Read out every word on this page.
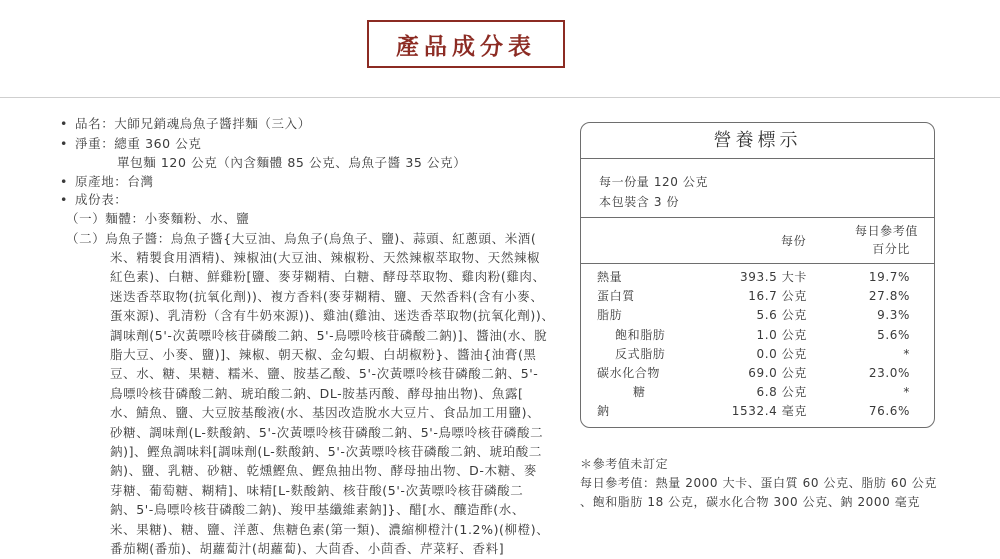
產品成分表
• 品名：大師兄銷魂烏魚子醬拌麵（三入）
• 淨重：總重 360 公克
單包麵 120 公克（內含麵體 85 公克、烏魚子醬 35 公克）
• 原產地：台灣
• 成份表：
（一）麵體：小麥麵粉、水、鹽
（二）烏魚子醬：烏魚子醬{大豆油、烏魚子(烏魚子、鹽)、蒜頭、紅蔥頭、米酒(
米、精製食用酒精)、辣椒油(大豆油、辣椒粉、天然辣椒萃取物、天然辣椒
紅色素)、白糖、鮮雞粉[鹽、麥芽糊精、白糖、酵母萃取物、雞肉粉(雞肉、
迷迭香萃取物(抗氧化劑))、複方香料(麥芽糊精、鹽、天然香料(含有小麥、
蛋來源)、乳清粉（含有牛奶來源))、雞油(雞油、迷迭香萃取物(抗氧化劑))、
調味劑(5'-次黃嘌呤核苷磷酸二鈉、5'-鳥嘌呤核苷磷酸二鈉)]、醬油(水、脫
脂大豆、小麥、鹽)]、辣椒、朝天椒、金勾蝦、白胡椒粉}、醬油{油膏(黑
豆、水、糖、果糖、糯米、鹽、胺基乙酸、5'-次黃嘌呤核苷磷酸二鈉、5'-
鳥嘌呤核苷磷酸二鈉、琥珀酸二鈉、DL-胺基丙酸、酵母抽出物)、魚露[
水、鯖魚、鹽、大豆胺基酸液(水、基因改造脫水大豆片、食品加工用鹽)、
砂糖、調味劑(L-麩酸鈉、5'-次黃嘌呤核苷磷酸二鈉、5'-鳥嘌呤核苷磷酸二
鈉)]、鰹魚調味料[調味劑(L-麩酸鈉、5'-次黃嘌呤核苷磷酸二鈉、琥珀酸二
鈉)、鹽、乳糖、砂糖、乾燻鰹魚、鰹魚抽出物、酵母抽出物、D-木糖、麥
芽糖、葡萄糖、糊精]、味精[L-麩酸鈉、核苷酸(5'-次黃嘌呤核苷磷酸二
鈉、5'-鳥嘌呤核苷磷酸二鈉)、羧甲基纖維素鈉]}、醋[水、釀造酢(水、
米、果糖)、糖、鹽、洋蔥、焦糖色素(第一類)、濃縮柳橙汁(1.2%)(柳橙)、
番茄糊(番茄)、胡蘿蔔汁(胡蘿蔔)、大茴香、小茴香、芹菜籽、香料]
營養標示
每一份量 120 公克
本包裝含 3 份
每份
每日參考值
百分比
熱量	393.5 大卡	19.7%
蛋白質	16.7 公克	27.8%
脂肪	5.6 公克	9.3%
飽和脂肪	1.0 公克	5.6%
反式脂肪	0.0 公克	*
碳水化合物	69.0 公克	23.0%
糖	6.8 公克	*
鈉	1532.4 毫克	76.6%
＊參考值未訂定
每日參考值：熱量 2000 大卡、蛋白質 60 公克、脂肪 60 公克
、飽和脂肪 18 公克，碳水化合物 300 公克、鈉 2000 毫克
